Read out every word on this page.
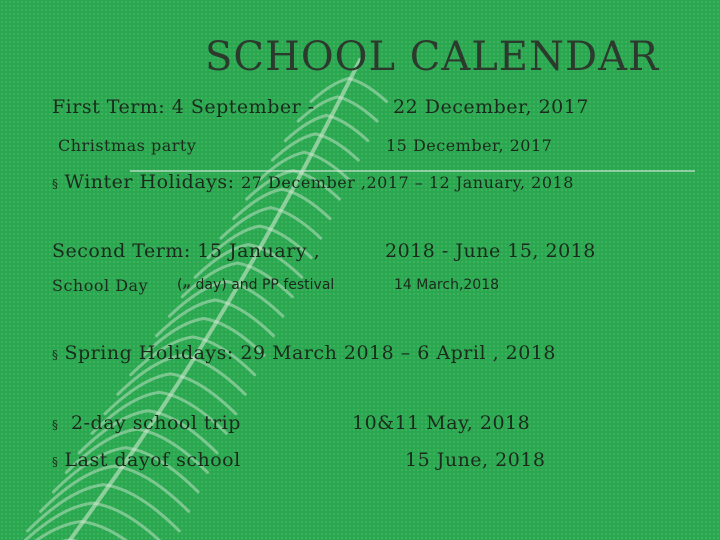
SCHOOL CALENDAR
First Term: 4 September -	22 December, 2017
Christmas party	15 December, 2017
§ Winter Holidays: 27 December ,2017 – 12 January, 2018
Second Term: 15 January ,	2018 - June 15, 2018
School Day (𝓃 day) and PP festival	14 March,2018
§ Spring Holidays: 29 March 2018 – 6 April , 2018
§ 2-day school trip	10&11 May, 2018
§ Last dayof school	15 June, 2018
